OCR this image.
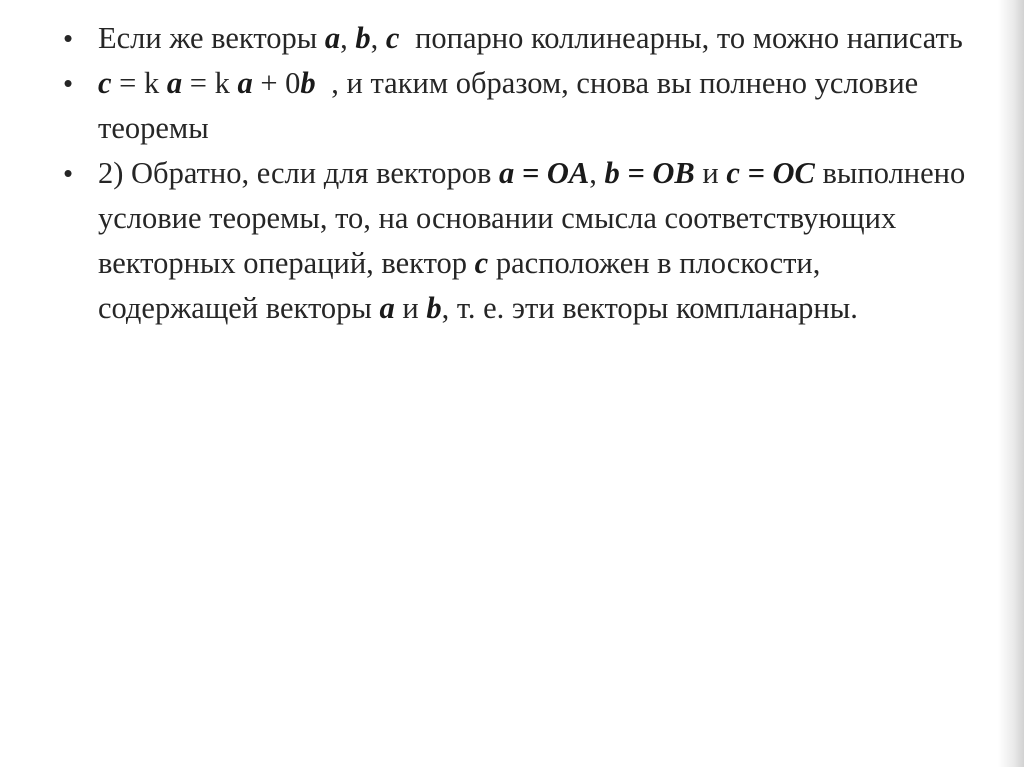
• Если же векторы a, b, c попарно коллинеарны, то можно написать
• c = k a = k a + 0b , и таким образом, снова вы полнено условие теоремы
• 2) Обратно, если для векторов a = OA, b = OB и c = OC выполнено условие теоремы, то, на основании смысла соответствующих векторных операций, вектор c расположен в плоскости, содержащей векторы a и b, т. е. эти векторы компланарны.
